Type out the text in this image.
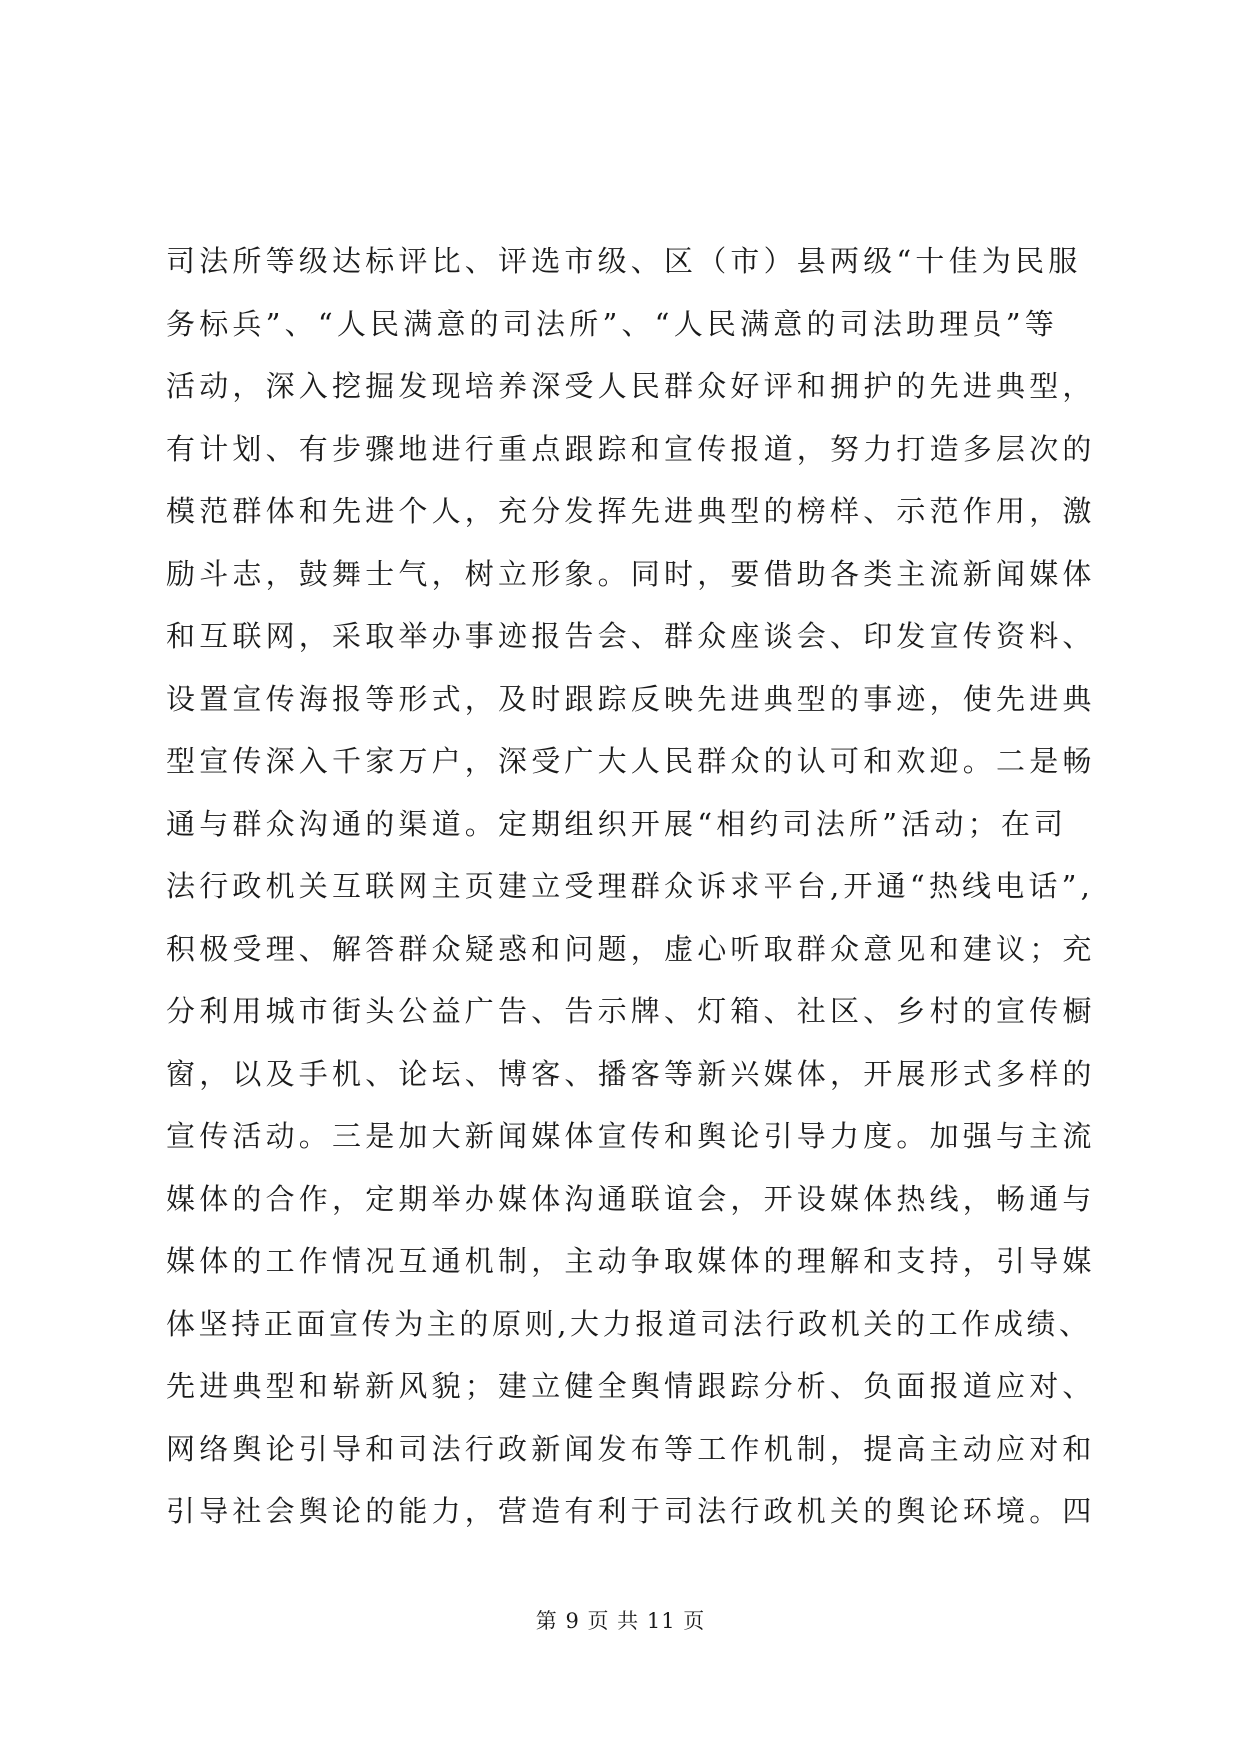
司法所等级达标评比、评选市级、区（市）县两级“十佳为民服
务标兵”、“人民满意的司法所”、“人民满意的司法助理员”等
活动，深入挖掘发现培养深受人民群众好评和拥护的先进典型，
有计划、有步骤地进行重点跟踪和宣传报道，努力打造多层次的
模范群体和先进个人，充分发挥先进典型的榜样、示范作用，激
励斗志，鼓舞士气，树立形象。同时，要借助各类主流新闻媒体
和互联网，采取举办事迹报告会、群众座谈会、印发宣传资料、
设置宣传海报等形式，及时跟踪反映先进典型的事迹，使先进典
型宣传深入千家万户，深受广大人民群众的认可和欢迎。二是畅
通与群众沟通的渠道。定期组织开展“相约司法所”活动；在司
法行政机关互联网主页建立受理群众诉求平台,开通“热线电话”,
积极受理、解答群众疑惑和问题，虚心听取群众意见和建议；充
分利用城市街头公益广告、告示牌、灯箱、社区、乡村的宣传橱
窗，以及手机、论坛、博客、播客等新兴媒体，开展形式多样的
宣传活动。三是加大新闻媒体宣传和舆论引导力度。加强与主流
媒体的合作，定期举办媒体沟通联谊会，开设媒体热线，畅通与
媒体的工作情况互通机制，主动争取媒体的理解和支持，引导媒
体坚持正面宣传为主的原则,大力报道司法行政机关的工作成绩、
先进典型和崭新风貌；建立健全舆情跟踪分析、负面报道应对、
网络舆论引导和司法行政新闻发布等工作机制，提高主动应对和
引导社会舆论的能力，营造有利于司法行政机关的舆论环境。四
第 9 页 共 11 页
